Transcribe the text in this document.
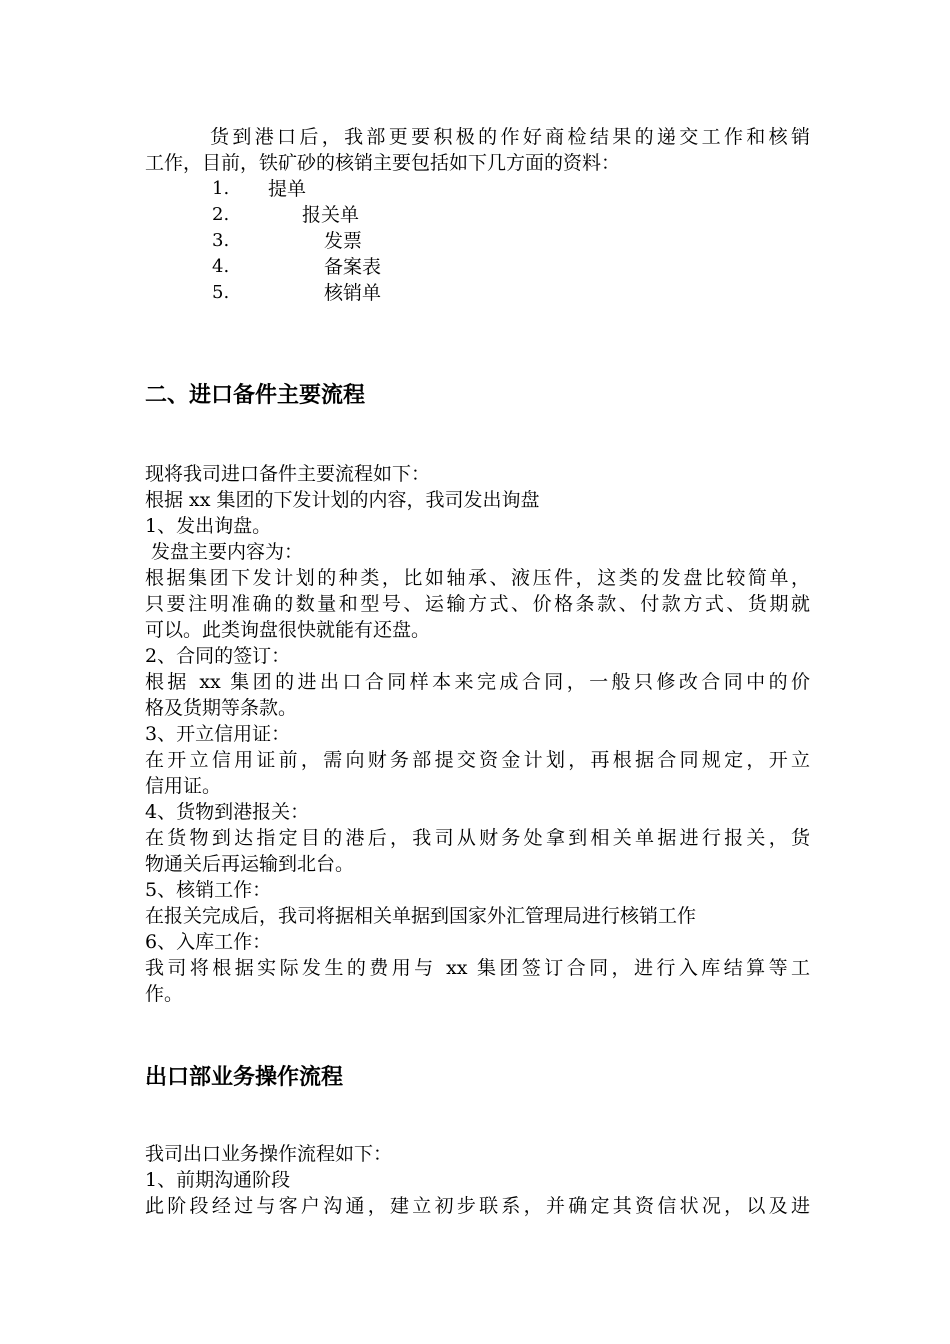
货到港口后，我部更要积极的作好商检结果的递交工作和核销
工作，目前，铁矿砂的核销主要包括如下几方面的资料：
1. 提单
2.	报关单
3.	发票
4.	备案表
5.	核销单
二、进口备件主要流程
现将我司进口备件主要流程如下：
根据 xx 集团的下发计划的内容，我司发出询盘
1、发出询盘。
发盘主要内容为：
根据集团下发计划的种类，比如轴承、液压件，这类的发盘比较简单，
只要注明准确的数量和型号、运输方式、价格条款、付款方式、货期就
可以。此类询盘很快就能有还盘。
2、合同的签订：
根据 xx 集团的进出口合同样本来完成合同，一般只修改合同中的价
格及货期等条款。
3、开立信用证：
在开立信用证前，需向财务部提交资金计划，再根据合同规定，开立
信用证。
4、货物到港报关：
在货物到达指定目的港后，我司从财务处拿到相关单据进行报关，货
物通关后再运输到北台。
5、核销工作：
在报关完成后，我司将据相关单据到国家外汇管理局进行核销工作
6、入库工作：
我司将根据实际发生的费用与 xx 集团签订合同，进行入库结算等工
作。
出口部业务操作流程
我司出口业务操作流程如下：
1、前期沟通阶段
此阶段经过与客户沟通，建立初步联系，并确定其资信状况，以及进
